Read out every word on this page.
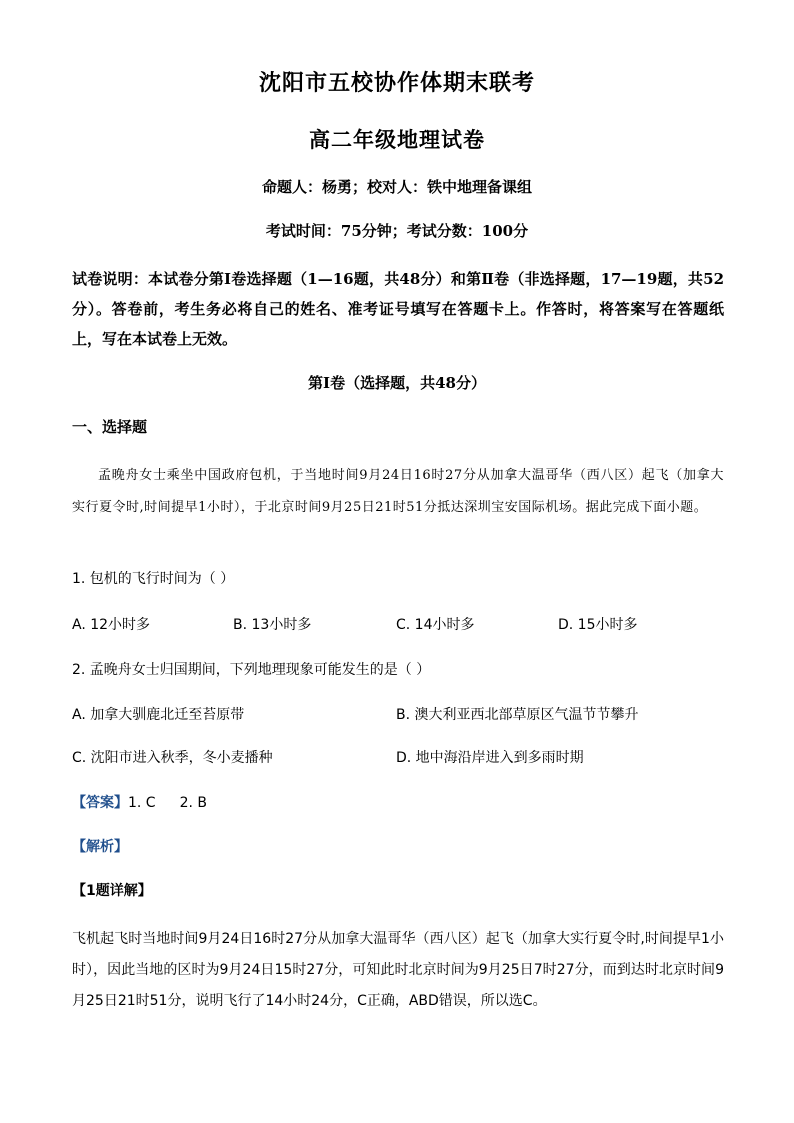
沈阳市五校协作体期末联考
高二年级地理试卷
命题人：杨勇；校对人：铁中地理备课组
考试时间：75分钟；考试分数：100分
试卷说明：本试卷分第Ⅰ卷选择题（1—16题，共48分）和第Ⅱ卷（非选择题，17—19题，共52分）。答卷前，考生务必将自己的姓名、准考证号填写在答题卡上。作答时，将答案写在答题纸上，写在本试卷上无效。
第Ⅰ卷（选择题，共48分）
一、选择题
孟晚舟女士乘坐中国政府包机，于当地时间9月24日16时27分从加拿大温哥华（西八区）起飞（加拿大实行夏令时,时间提早1小时），于北京时间9月25日21时51分抵达深圳宝安国际机场。据此完成下面小题。
1. 包机的飞行时间为（ ）
A. 12小时多	B. 13小时多	C. 14小时多	D. 15小时多
2. 孟晚舟女士归国期间，下列地理现象可能发生的是（ ）
A. 加拿大驯鹿北迁至苔原带	B. 澳大利亚西北部草原区气温节节攀升
C. 沈阳市进入秋季，冬小麦播种	D. 地中海沿岸进入到多雨时期
【答案】1. C 2. B
【解析】
【1题详解】
飞机起飞时当地时间9月24日16时27分从加拿大温哥华（西八区）起飞（加拿大实行夏令时,时间提早1小时），因此当地的区时为9月24日15时27分，可知此时北京时间为9月25日7时27分，而到达时北京时间9月25日21时51分，说明飞行了14小时24分，C正确，ABD错误，所以选C。
